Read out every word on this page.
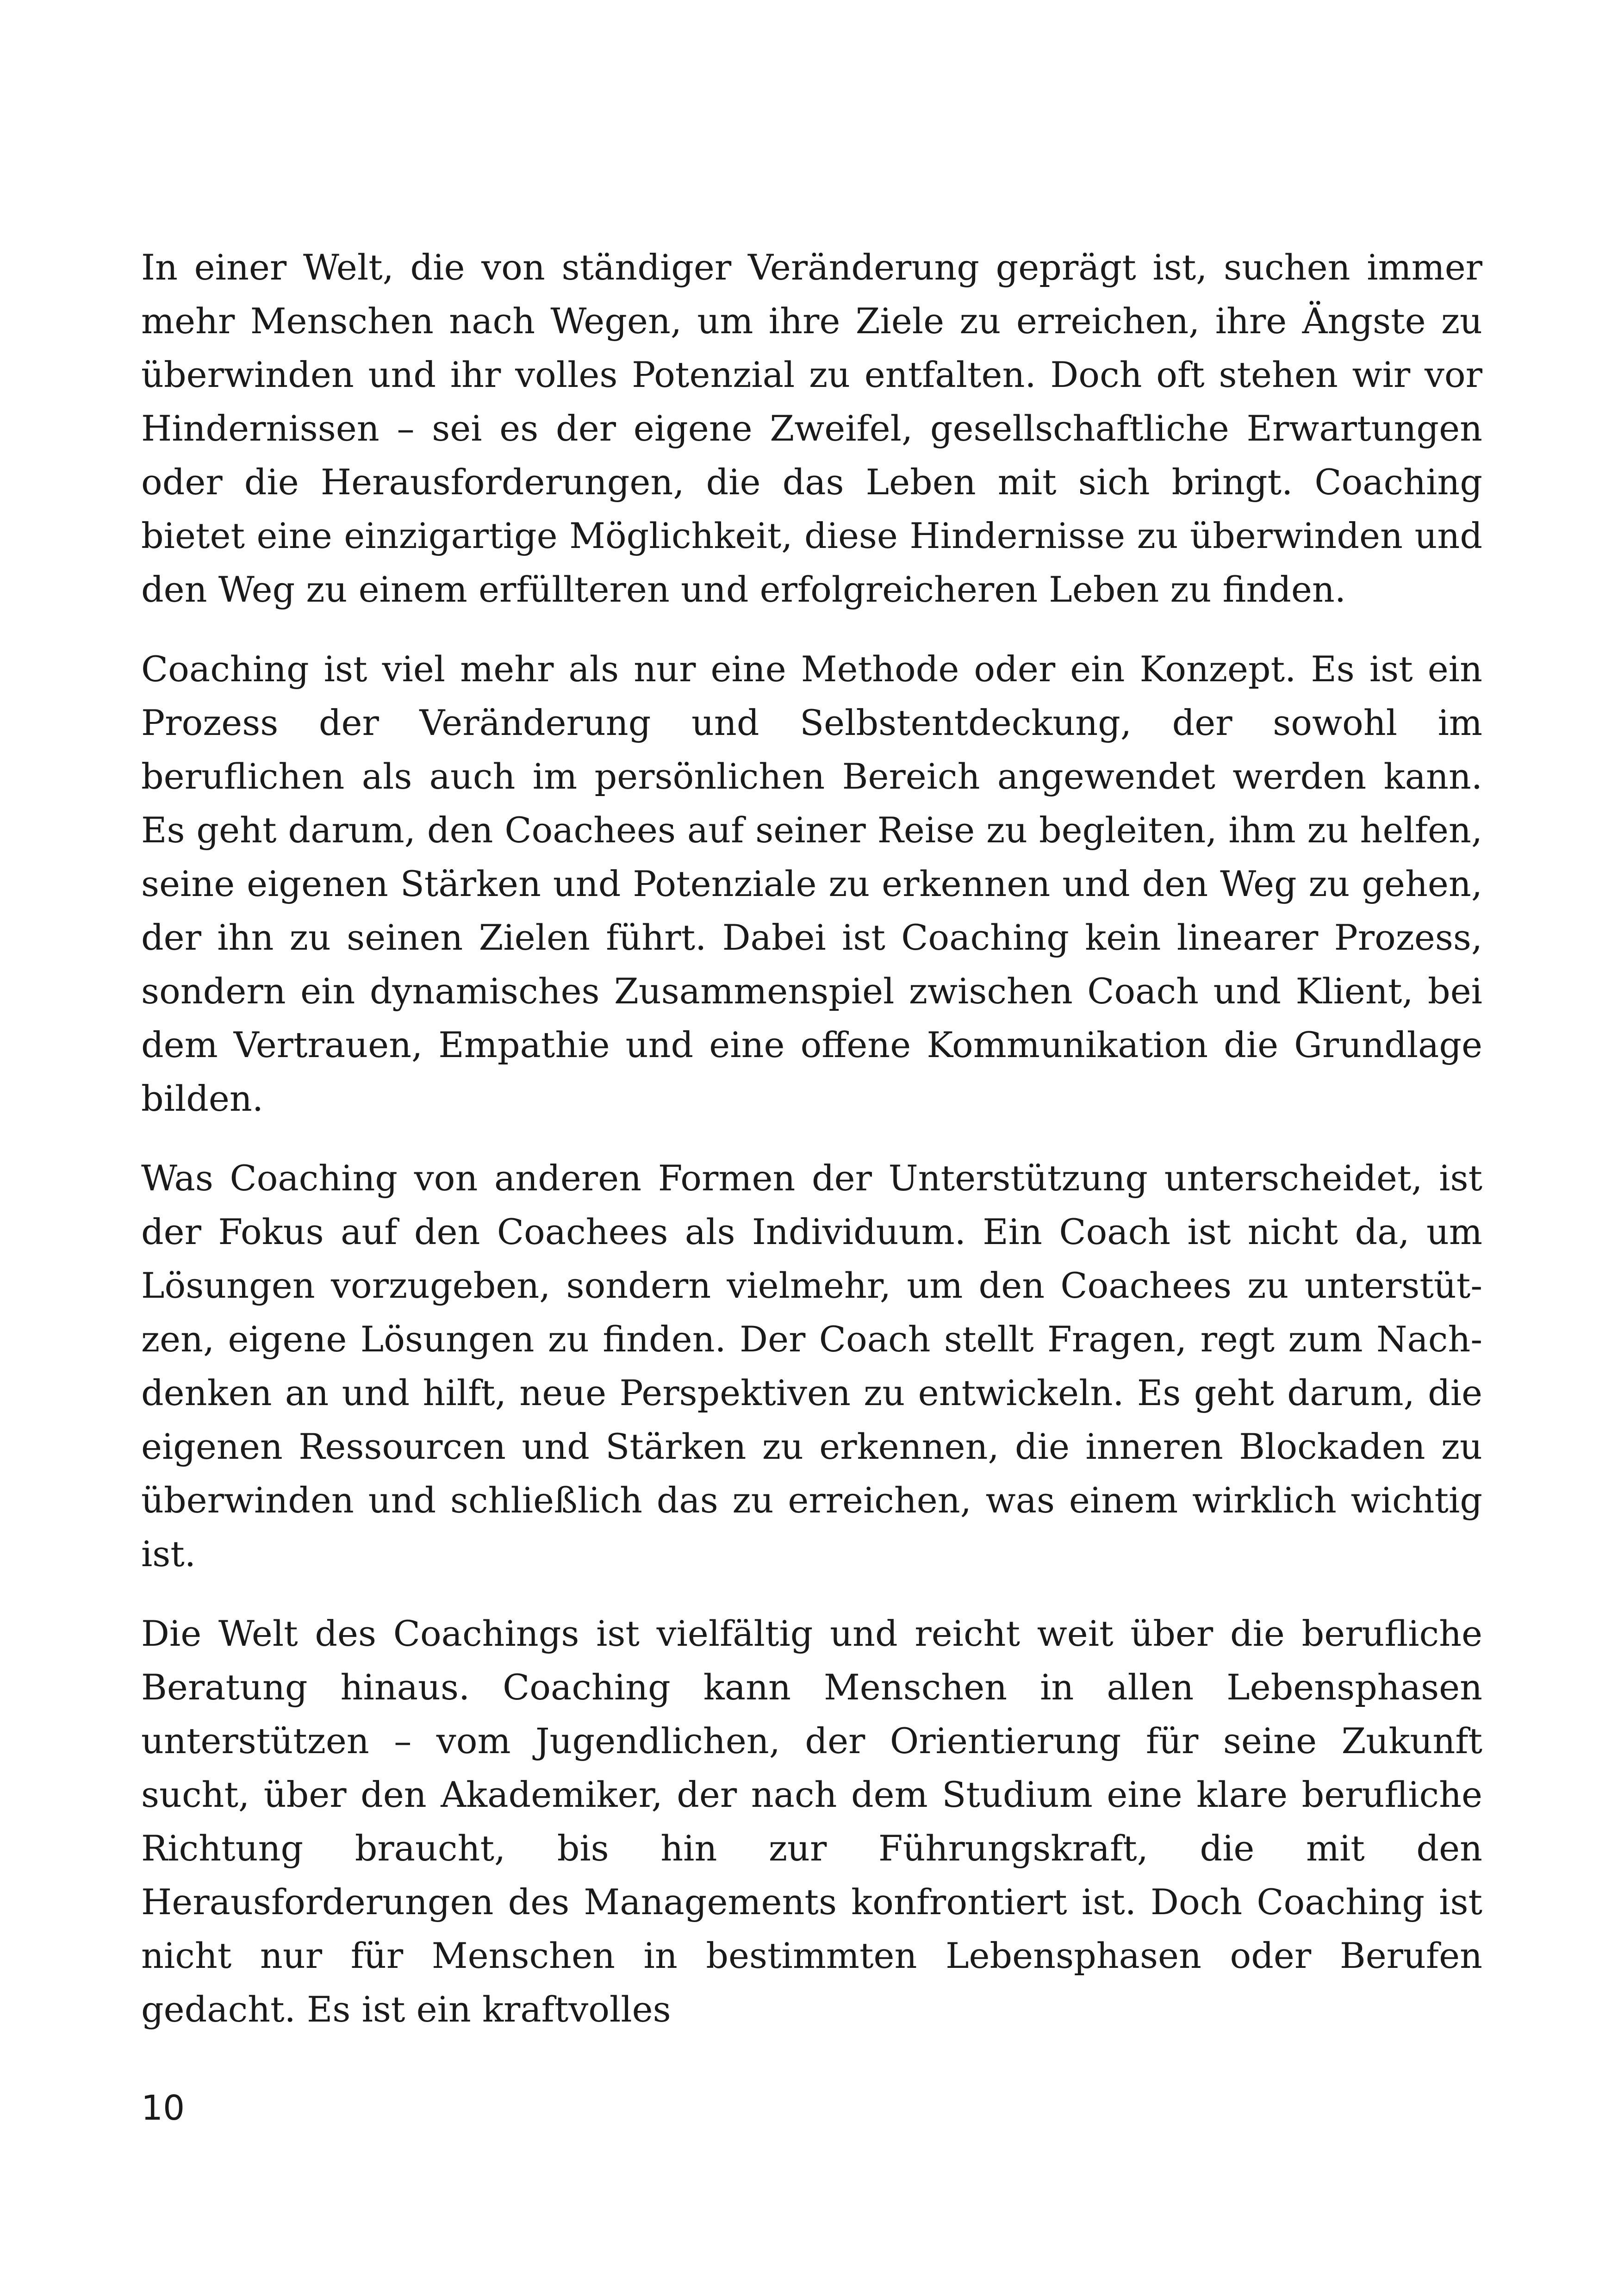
In einer Welt, die von ständiger Veränderung geprägt ist, suchen immer mehr Menschen nach Wegen, um ihre Ziele zu erreichen, ihre Ängste zu überwinden und ihr volles Potenzial zu entfalten. Doch oft stehen wir vor Hindernissen – sei es der eigene Zweifel, gesellschaftliche Erwartungen oder die Herausforderungen, die das Leben mit sich bringt. Coaching bietet eine einzigartige Möglichkeit, diese Hindernisse zu überwinden und den Weg zu einem erfüllteren und erfolgreicheren Leben zu finden.

Coaching ist viel mehr als nur eine Methode oder ein Konzept. Es ist ein Prozess der Veränderung und Selbstentdeckung, der sowohl im beruflichen als auch im persönlichen Bereich angewendet werden kann. Es geht darum, den Coachees auf seiner Reise zu begleiten, ihm zu helfen, seine eigenen Stärken und Potenziale zu erkennen und den Weg zu gehen, der ihn zu seinen Zielen führt. Dabei ist Coaching kein linearer Prozess, sondern ein dynamisches Zusammenspiel zwischen Coach und Klient, bei dem Vertrauen, Empathie und eine offene Kommunikation die Grundlage bilden.

Was Coaching von anderen Formen der Unterstützung unterscheidet, ist der Fokus auf den Coachees als Individuum. Ein Coach ist nicht da, um Lösungen vorzugeben, sondern vielmehr, um den Coachees zu unterstützen, eigene Lösungen zu finden. Der Coach stellt Fragen, regt zum Nachdenken an und hilft, neue Perspektiven zu entwickeln. Es geht darum, die eigenen Ressourcen und Stärken zu erkennen, die inneren Blockaden zu überwinden und schließlich das zu erreichen, was einem wirklich wichtig ist.

Die Welt des Coachings ist vielfältig und reicht weit über die berufliche Beratung hinaus. Coaching kann Menschen in allen Lebensphasen unterstützen – vom Jugendlichen, der Orientierung für seine Zukunft sucht, über den Akademiker, der nach dem Studium eine klare berufliche Richtung braucht, bis hin zur Führungskraft, die mit den Herausforderungen des Managements konfrontiert ist. Doch Coaching ist nicht nur für Menschen in bestimmten Lebensphasen oder Berufen gedacht. Es ist ein kraftvolles

10
